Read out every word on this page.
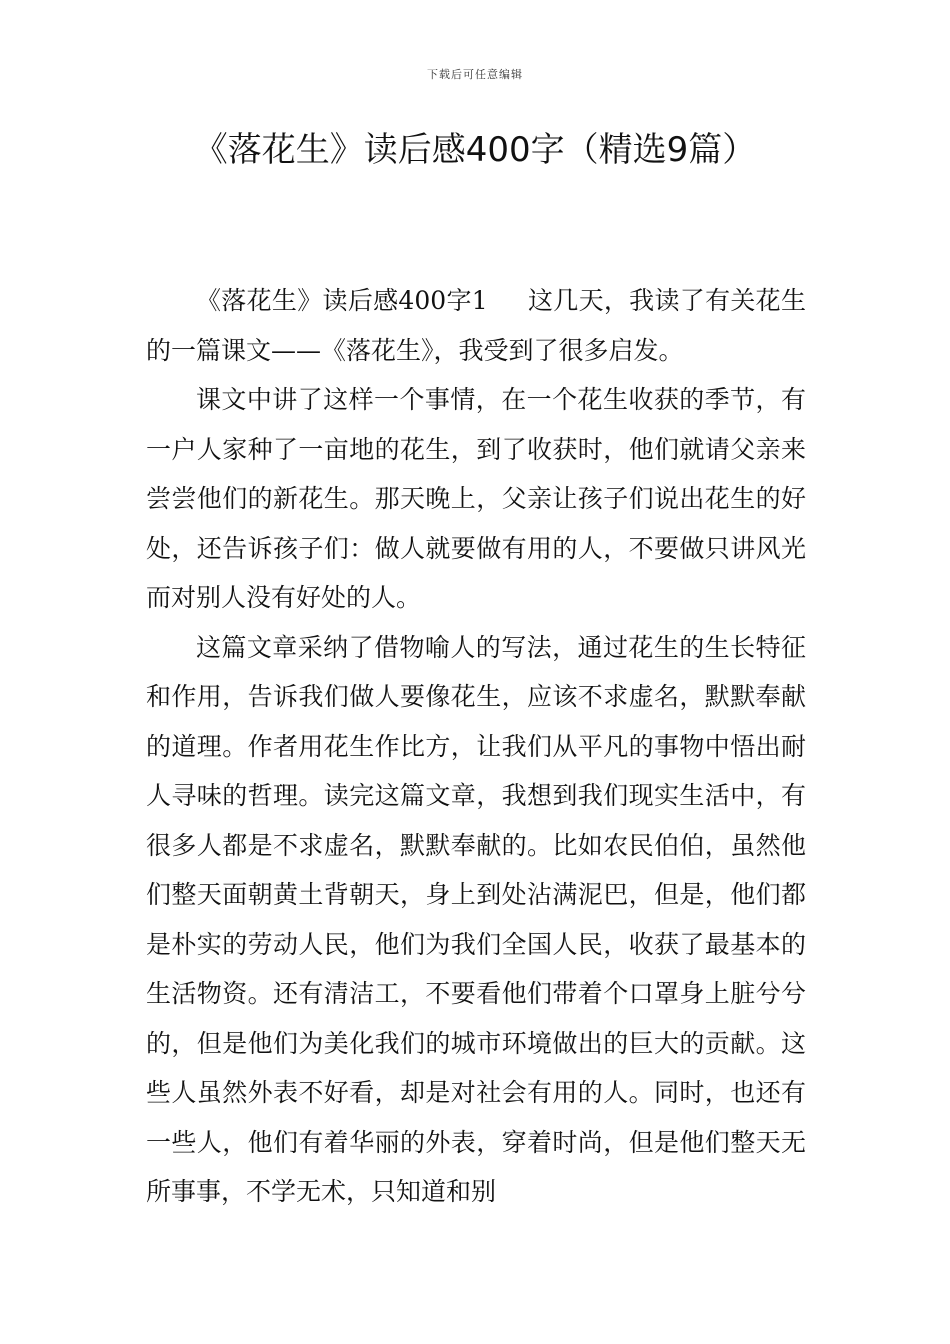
下载后可任意编辑
《落花生》读后感400字（精选9篇）

《落花生》读后感400字1 这几天，我读了有关花生的一篇课文——《落花生》，我受到了很多启发。

课文中讲了这样一个事情，在一个花生收获的季节，有一户人家种了一亩地的花生，到了收获时，他们就请父亲来尝尝他们的新花生。那天晚上，父亲让孩子们说出花生的好处，还告诉孩子们：做人就要做有用的人，不要做只讲风光而对别人没有好处的人。

这篇文章采纳了借物喻人的写法，通过花生的生长特征和作用，告诉我们做人要像花生，应该不求虚名，默默奉献的道理。作者用花生作比方，让我们从平凡的事物中悟出耐人寻味的哲理。读完这篇文章，我想到我们现实生活中，有很多人都是不求虚名，默默奉献的。比如农民伯伯，虽然他们整天面朝黄土背朝天，身上到处沾满泥巴，但是，他们都是朴实的劳动人民，他们为我们全国人民，收获了最基本的生活物资。还有清洁工，不要看他们带着个口罩身上脏兮兮的，但是他们为美化我们的城市环境做出的巨大的贡献。这些人虽然外表不好看，却是对社会有用的人。同时，也还有一些人，他们有着华丽的外表，穿着时尚，但是他们整天无所事事，不学无术，只知道和别
